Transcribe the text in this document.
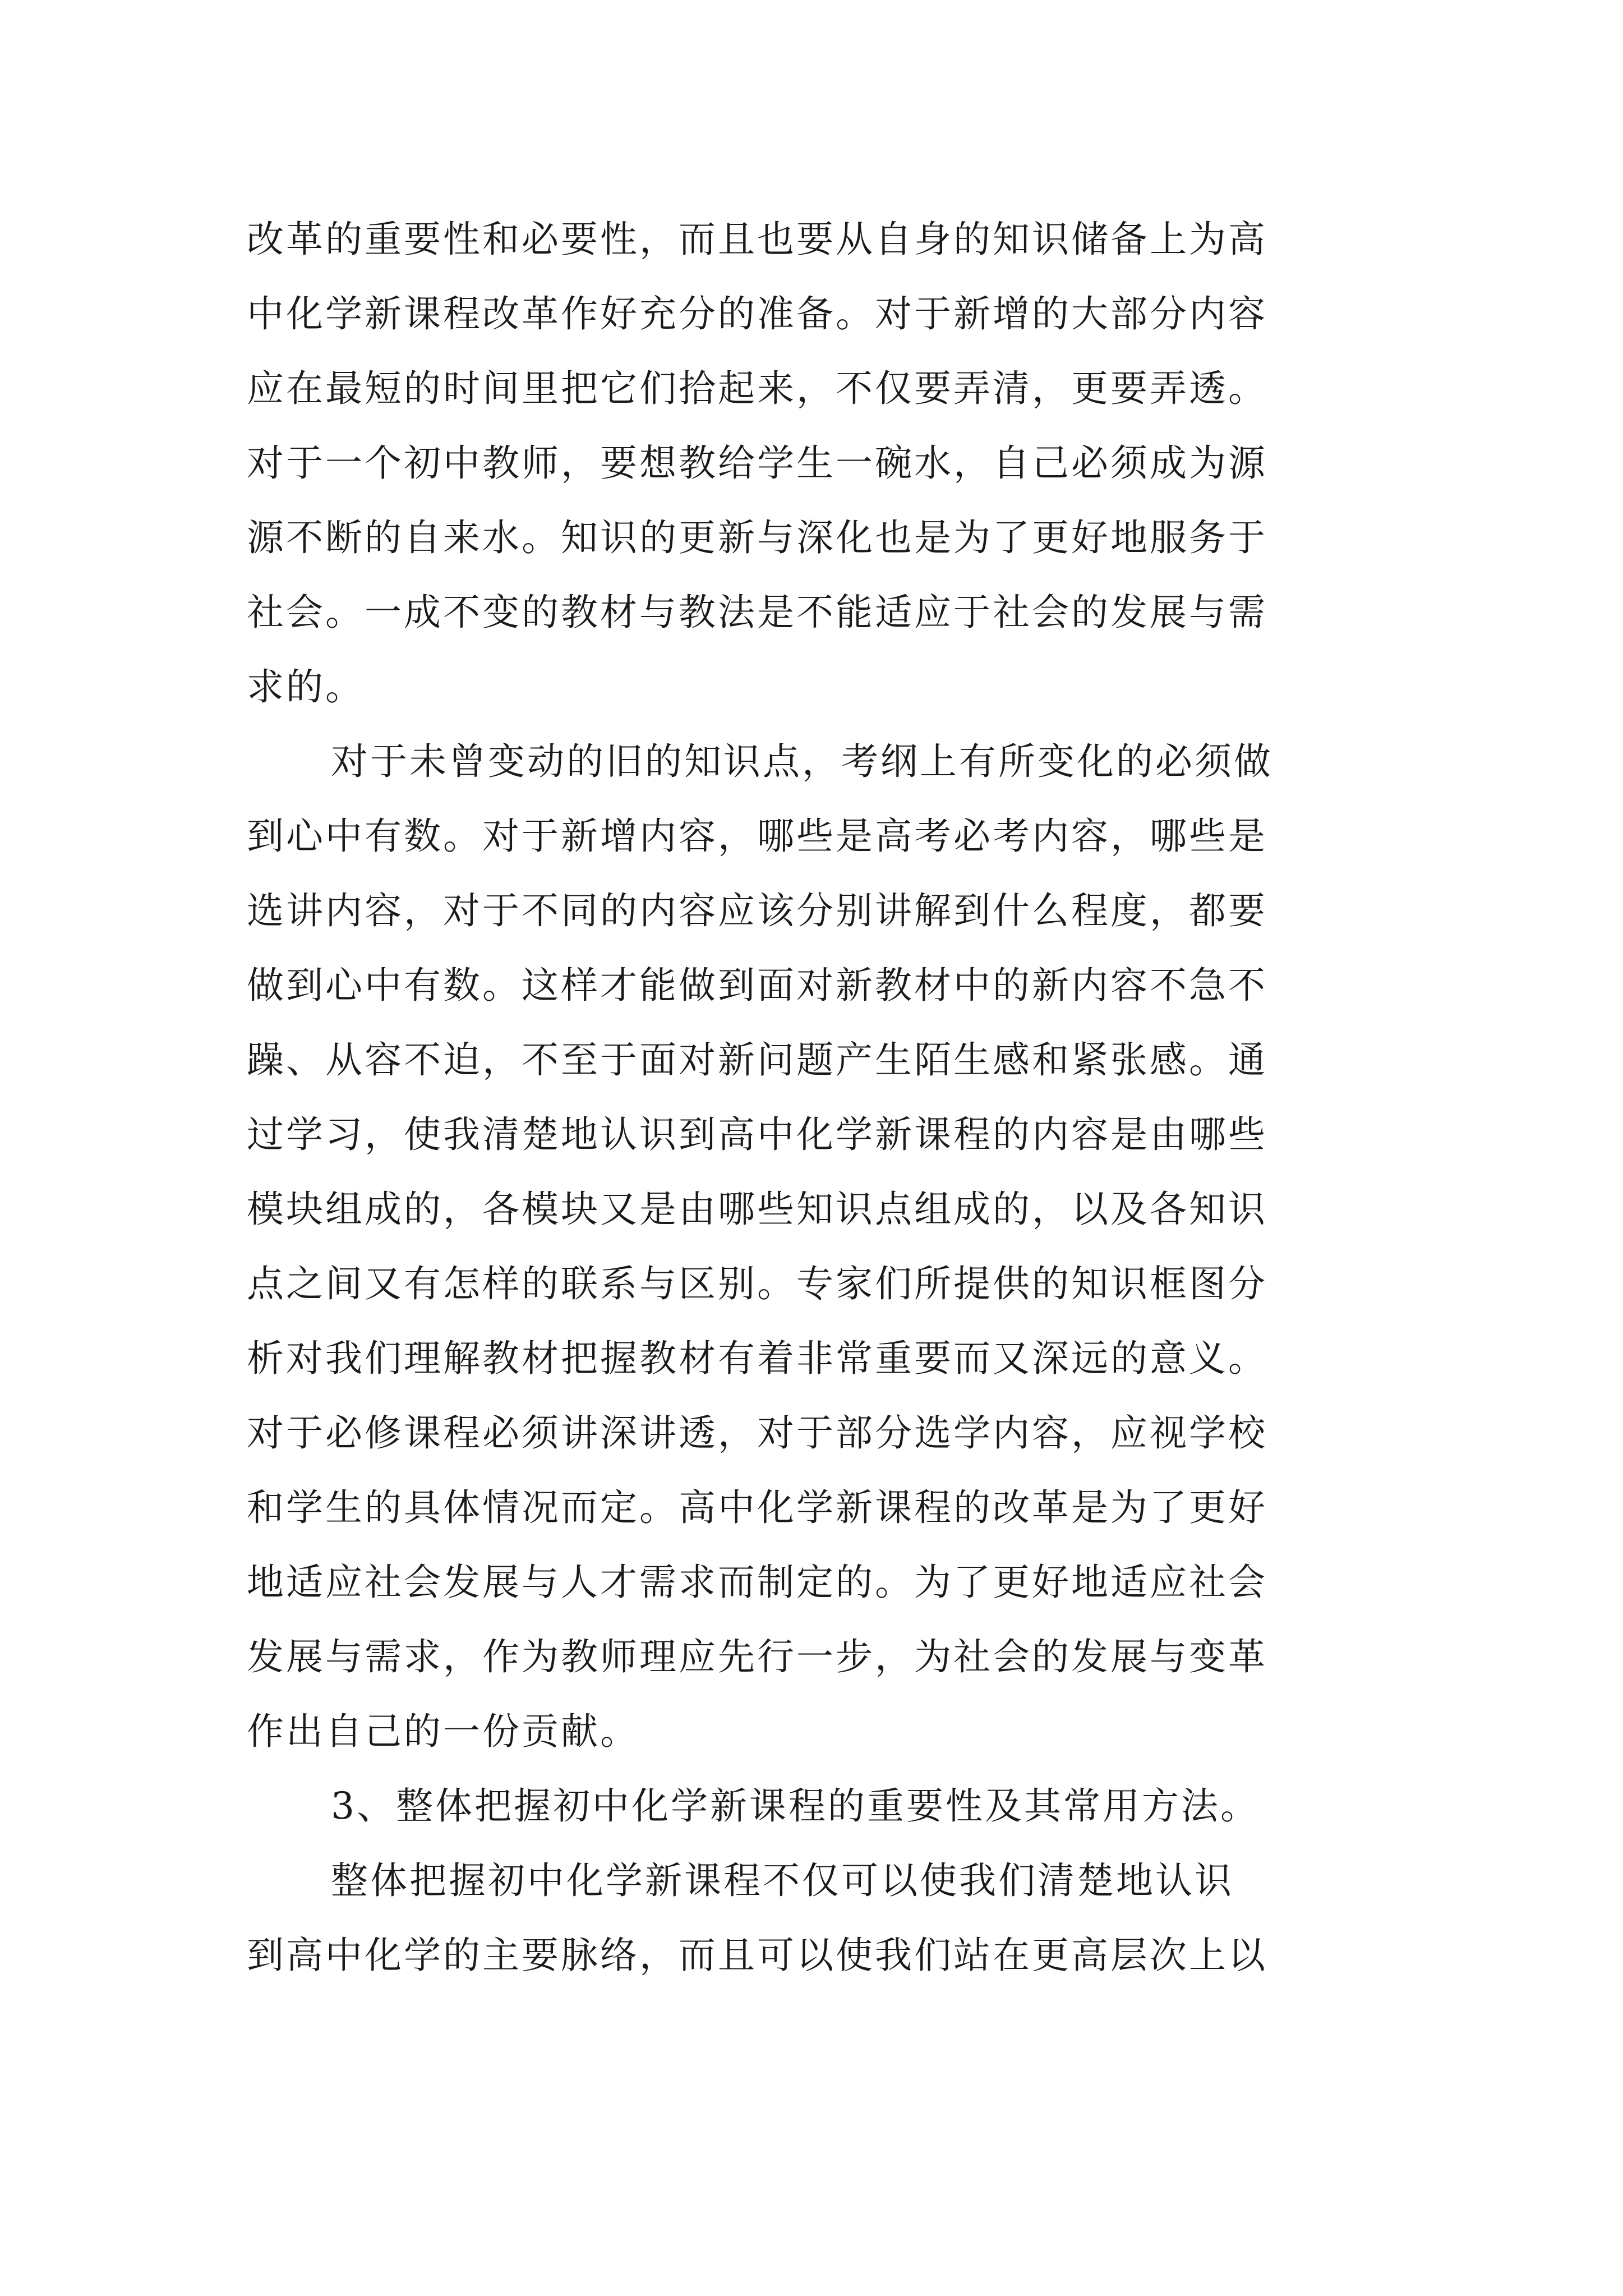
改革的重要性和必要性，而且也要从自身的知识储备上为高
中化学新课程改革作好充分的准备。对于新增的大部分内容
应在最短的时间里把它们拾起来，不仅要弄清，更要弄透。
对于一个初中教师，要想教给学生一碗水，自己必须成为源
源不断的自来水。知识的更新与深化也是为了更好地服务于
社会。一成不变的教材与教法是不能适应于社会的发展与需
求的。
对于未曾变动的旧的知识点，考纲上有所变化的必须做
到心中有数。对于新增内容，哪些是高考必考内容，哪些是
选讲内容，对于不同的内容应该分别讲解到什么程度，都要
做到心中有数。这样才能做到面对新教材中的新内容不急不
躁、从容不迫，不至于面对新问题产生陌生感和紧张感。通
过学习，使我清楚地认识到高中化学新课程的内容是由哪些
模块组成的，各模块又是由哪些知识点组成的，以及各知识
点之间又有怎样的联系与区别。专家们所提供的知识框图分
析对我们理解教材把握教材有着非常重要而又深远的意义。
对于必修课程必须讲深讲透，对于部分选学内容，应视学校
和学生的具体情况而定。高中化学新课程的改革是为了更好
地适应社会发展与人才需求而制定的。为了更好地适应社会
发展与需求，作为教师理应先行一步，为社会的发展与变革
作出自己的一份贡献。
3、整体把握初中化学新课程的重要性及其常用方法。
整体把握初中化学新课程不仅可以使我们清楚地认识
到高中化学的主要脉络，而且可以使我们站在更高层次上以
